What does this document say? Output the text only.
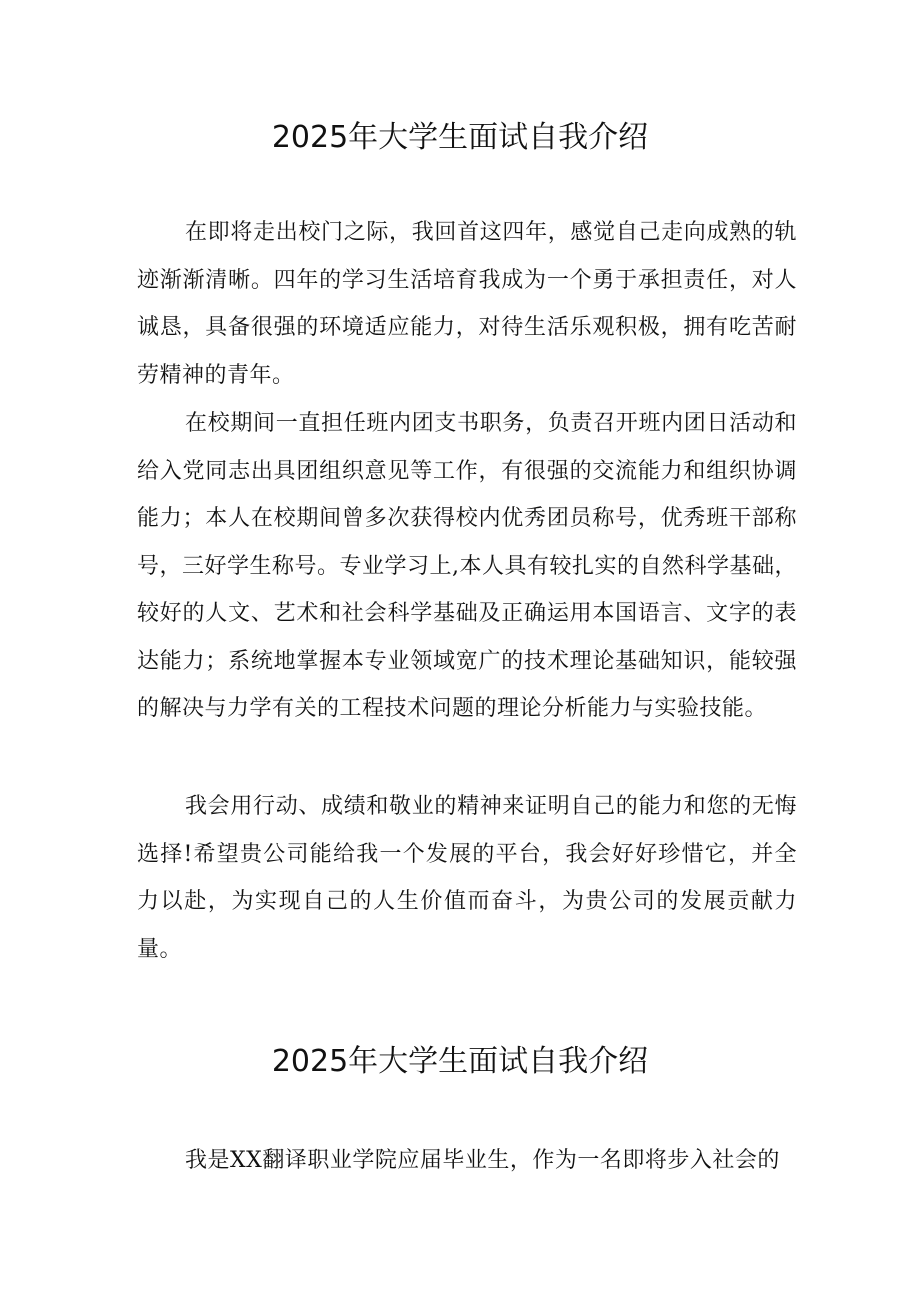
2025年大学生面试自我介绍

在即将走出校门之际，我回首这四年，感觉自己走向成熟的轨迹渐渐清晰。四年的学习生活培育我成为一个勇于承担责任，对人诚恳，具备很强的环境适应能力，对待生活乐观积极，拥有吃苦耐劳精神的青年。

在校期间一直担任班内团支书职务，负责召开班内团日活动和给入党同志出具团组织意见等工作，有很强的交流能力和组织协调能力；本人在校期间曾多次获得校内优秀团员称号，优秀班干部称号，三好学生称号。专业学习上,本人具有较扎实的自然科学基础，较好的人文、艺术和社会科学基础及正确运用本国语言、文字的表达能力；系统地掌握本专业领域宽广的技术理论基础知识，能较强的解决与力学有关的工程技术问题的理论分析能力与实验技能。

我会用行动、成绩和敬业的精神来证明自己的能力和您的无悔选择!希望贵公司能给我一个发展的平台，我会好好珍惜它，并全力以赴，为实现自己的人生价值而奋斗，为贵公司的发展贡献力量。

2025年大学生面试自我介绍

我是XX翻译职业学院应届毕业生，作为一名即将步入社会的
